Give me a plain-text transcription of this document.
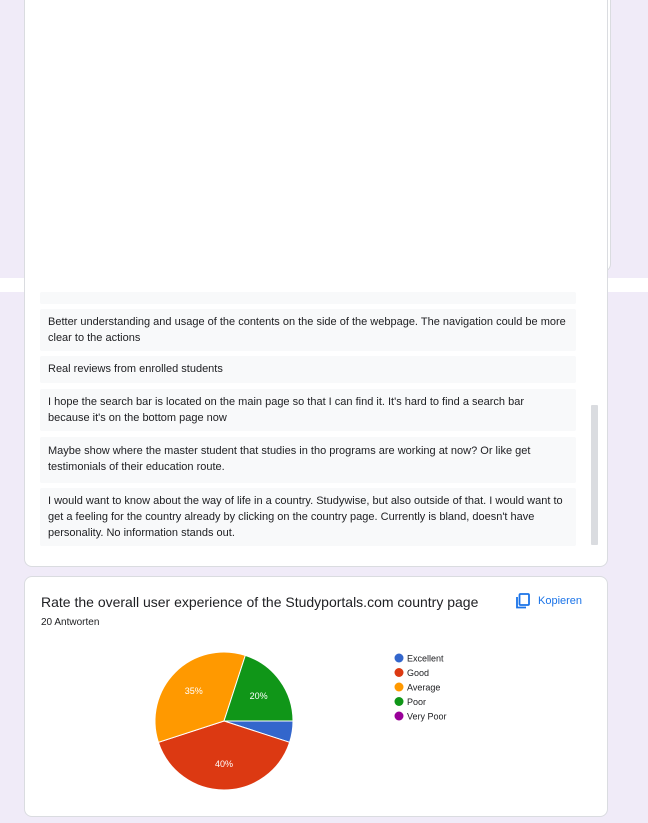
Better understanding and usage of the contents on the side of the webpage. The navigation could be more clear to the actions
Real reviews from enrolled students
I hope the search bar is located on the main page so that I can find it. It's hard to find a search bar because it's on the bottom page now
Maybe show where the master student that studies in tho programs are working at now? Or like get testimonials of their education route.
I would want to know about the way of life in a country. Studywise, but also outside of that. I would want to get a feeling for the country already by clicking on the country page. Currently is bland, doesn't have personality. No information stands out.
Rate the overall user experience of the Studyportals.com country page
20 Antworten
Kopieren
40%
35%
20%
Excellent
Good
Average
Poor
Very Poor
